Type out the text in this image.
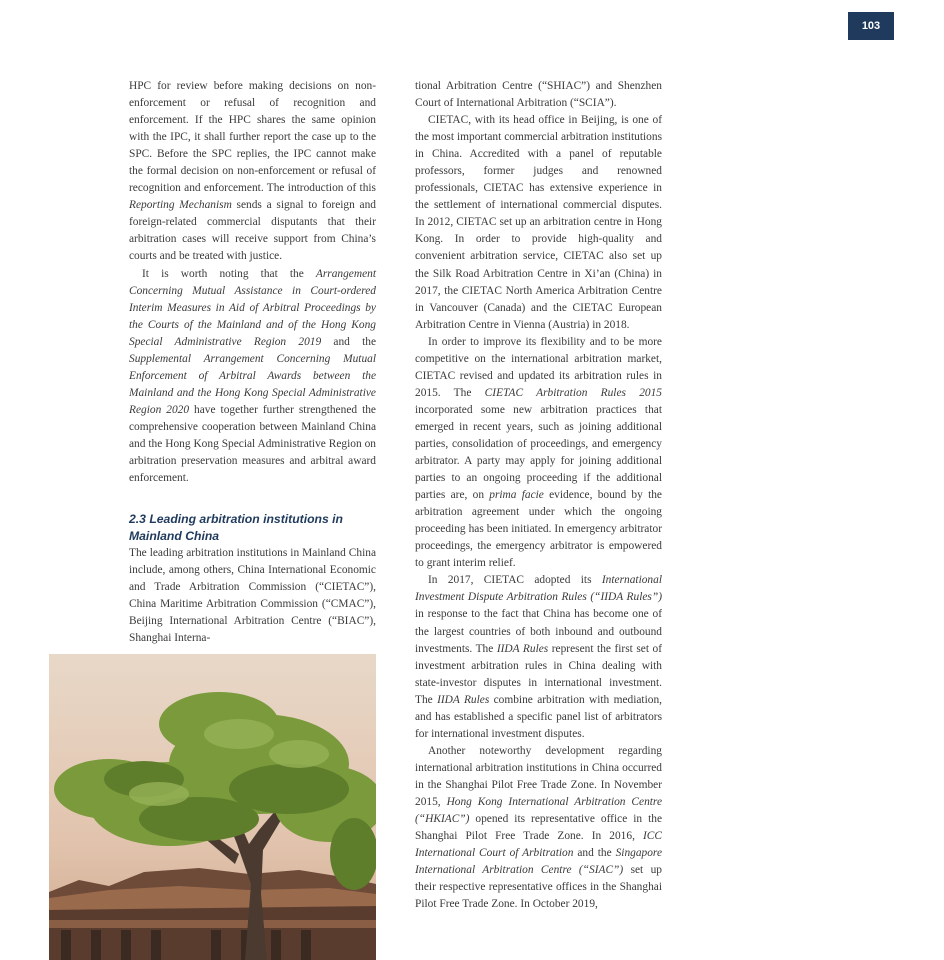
103

HPC for review before making decisions on non-enforcement or refusal of recognition and enforcement. If the HPC shares the same opinion with the IPC, it shall further report the case up to the SPC. Before the SPC replies, the IPC cannot make the formal decision on non-enforcement or refusal of recognition and enforcement. The introduction of this Reporting Mechanism sends a signal to foreign and foreign-related commercial disputants that their arbitration cases will receive support from China’s courts and be treated with justice.

It is worth noting that the Arrangement Concerning Mutual Assistance in Court-ordered Interim Measures in Aid of Arbitral Proceedings by the Courts of the Mainland and of the Hong Kong Special Administrative Region 2019 and the Supplemental Arrangement Concerning Mutual Enforcement of Arbitral Awards between the Mainland and the Hong Kong Special Administrative Region 2020 have together further strengthened the comprehensive cooperation between Mainland China and the Hong Kong Special Administrative Region on arbitration preservation measures and arbitral award enforcement.

2.3 Leading arbitration institutions in Mainland China

The leading arbitration institutions in Mainland China include, among others, China International Economic and Trade Arbitration Commission (“CIETAC”), China Maritime Arbitration Commission (“CMAC”), Beijing International Arbitration Centre (“BIAC”), Shanghai Interna-

tional Arbitration Centre (“SHIAC”) and Shenzhen Court of International Arbitration (“SCIA”).

CIETAC, with its head office in Beijing, is one of the most important commercial arbitration institutions in China. Accredited with a panel of reputable professors, former judges and renowned professionals, CIETAC has extensive experience in the settlement of international commercial disputes. In 2012, CIETAC set up an arbitration centre in Hong Kong. In order to provide high-quality and convenient arbitration service, CIETAC also set up the Silk Road Arbitration Centre in Xi’an (China) in 2017, the CIETAC North America Arbitration Centre in Vancouver (Canada) and the CIETAC European Arbitration Centre in Vienna (Austria) in 2018.

In order to improve its flexibility and to be more competitive on the international arbitration market, CIETAC revised and updated its arbitration rules in 2015. The CIETAC Arbitration Rules 2015 incorporated some new arbitration practices that emerged in recent years, such as joining additional parties, consolidation of proceedings, and emergency arbitrator. A party may apply for joining additional parties to an ongoing proceeding if the additional parties are, on prima facie evidence, bound by the arbitration agreement under which the ongoing proceeding has been initiated. In emergency arbitrator proceedings, the emergency arbitrator is empowered to grant interim relief.

In 2017, CIETAC adopted its International Investment Dispute Arbitration Rules (“IIDA Rules”) in response to the fact that China has become one of the largest countries of both inbound and outbound investments. The IIDA Rules represent the first set of investment arbitration rules in China dealing with state-investor disputes in international investment. The IIDA Rules combine arbitration with mediation, and has established a specific panel list of arbitrators for international investment disputes.

Another noteworthy development regarding international arbitration institutions in China occurred in the Shanghai Pilot Free Trade Zone. In November 2015, Hong Kong International Arbitration Centre (“HKIAC”) opened its representative office in the Shanghai Pilot Free Trade Zone. In 2016, ICC International Court of Arbitration and the Singapore International Arbitration Centre (“SIAC”) set up their respective representative offices in the Shanghai Pilot Free Trade Zone. In October 2019,
